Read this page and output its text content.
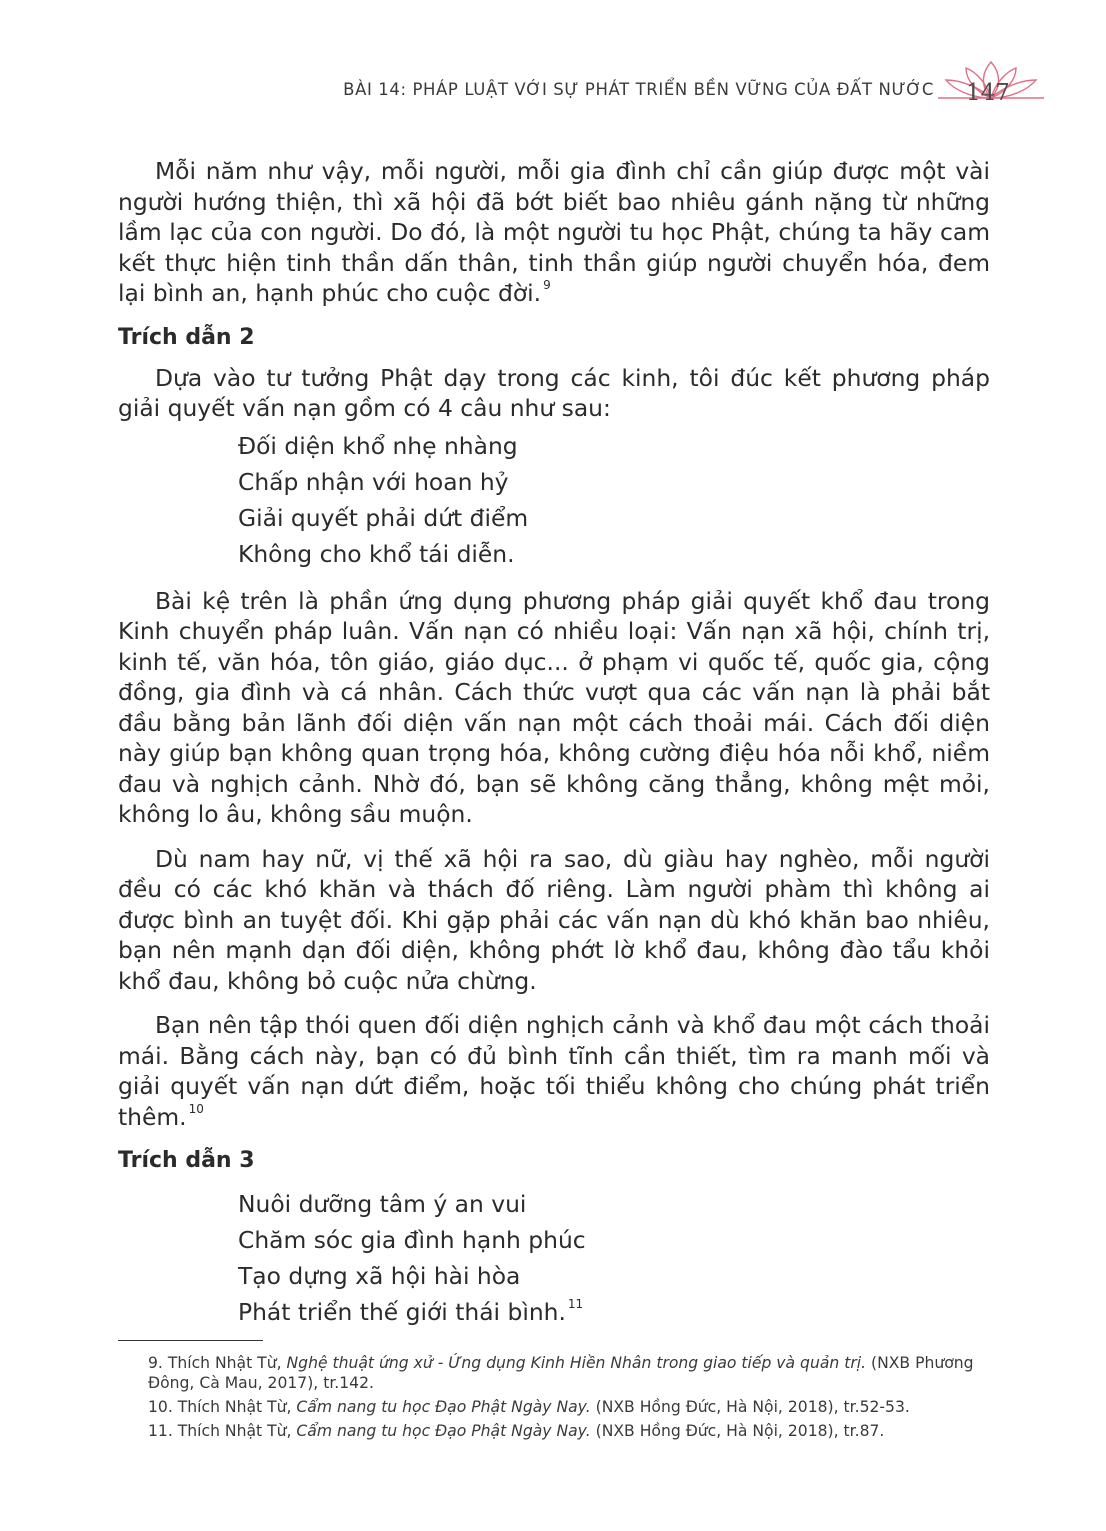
BÀI 14: PHÁP LUẬT VỚI SỰ PHÁT TRIỂN BỀN VỮNG CỦA ĐẤT NƯỚC 147

Mỗi năm như vậy, mỗi người, mỗi gia đình chỉ cần giúp được một vài người hướng thiện, thì xã hội đã bớt biết bao nhiêu gánh nặng từ những lầm lạc của con người. Do đó, là một người tu học Phật, chúng ta hãy cam kết thực hiện tinh thần dấn thân, tinh thần giúp người chuyển hóa, đem lại bình an, hạnh phúc cho cuộc đời. $^9$

Trích dẫn 2

Dựa vào tư tưởng Phật dạy trong các kinh, tôi đúc kết phương pháp giải quyết vấn nạn gồm có 4 câu như sau:

Đối diện khổ nhẹ nhàng
Chấp nhận với hoan hỷ
Giải quyết phải dứt điểm
Không cho khổ tái diễn.

Bài kệ trên là phần ứng dụng phương pháp giải quyết khổ đau trong Kinh chuyển pháp luân. Vấn nạn có nhiều loại: Vấn nạn xã hội, chính trị, kinh tế, văn hóa, tôn giáo, giáo dục... ở phạm vi quốc tế, quốc gia, cộng đồng, gia đình và cá nhân. Cách thức vượt qua các vấn nạn là phải bắt đầu bằng bản lãnh đối diện vấn nạn một cách thoải mái. Cách đối diện này giúp bạn không quan trọng hóa, không cường điệu hóa nỗi khổ, niềm đau và nghịch cảnh. Nhờ đó, bạn sẽ không căng thẳng, không mệt mỏi, không lo âu, không sầu muộn.

Dù nam hay nữ, vị thế xã hội ra sao, dù giàu hay nghèo, mỗi người đều có các khó khăn và thách đố riêng. Làm người phàm thì không ai được bình an tuyệt đối. Khi gặp phải các vấn nạn dù khó khăn bao nhiêu, bạn nên mạnh dạn đối diện, không phớt lờ khổ đau, không đào tẩu khỏi khổ đau, không bỏ cuộc nửa chừng.

Bạn nên tập thói quen đối diện nghịch cảnh và khổ đau một cách thoải mái. Bằng cách này, bạn có đủ bình tĩnh cần thiết, tìm ra manh mối và giải quyết vấn nạn dứt điểm, hoặc tối thiểu không cho chúng phát triển thêm. $^{10}$

Trích dẫn 3
Nuôi dưỡng tâm ý an vui
Chăm sóc gia đình hạnh phúc
Tạo dựng xã hội hài hòa
Phát triển thế giới thái bình. $^{11}$

9. Thích Nhật Từ, Nghệ thuật ứng xử - Ứng dụng Kinh Hiền Nhân trong giao tiếp và quản trị. (NXB Phương Đông, Cà Mau, 2017), tr.142.

10. Thích Nhật Từ, Cẩm nang tu học Đạo Phật Ngày Nay. (NXB Hồng Đức, Hà Nội, 2018), tr.52-53.

11. Thích Nhật Từ, Cẩm nang tu học Đạo Phật Ngày Nay. (NXB Hồng Đức, Hà Nội, 2018), tr.87.
